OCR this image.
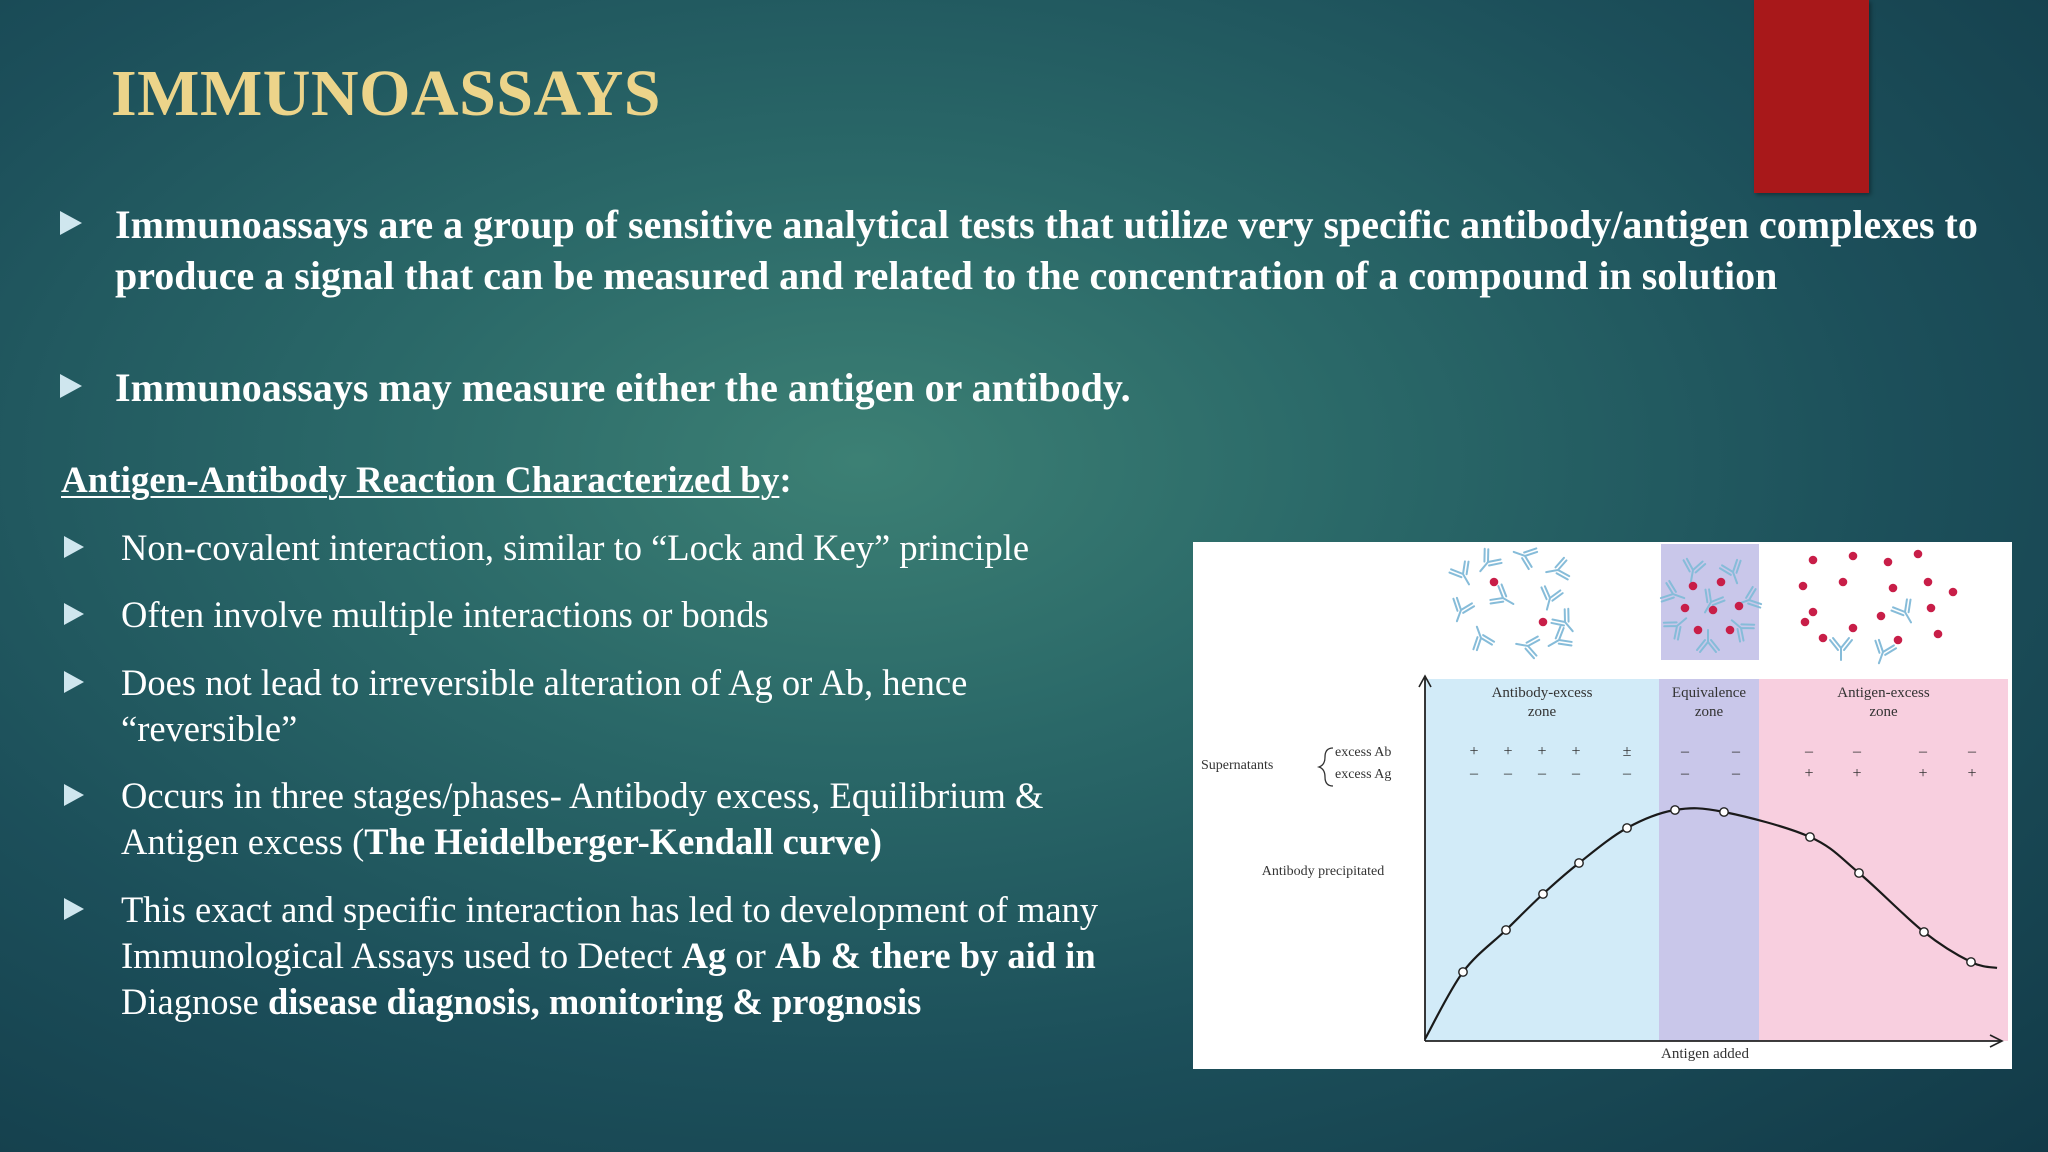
IMMUNOASSAYS
Immunoassays are a group of sensitive analytical tests that utilize very specific antibody/antigen complexes to produce a signal that can be measured and related to the concentration of a compound in solution
Immunoassays may measure either the antigen or antibody.
Antigen-Antibody Reaction Characterized by:
Non-covalent interaction, similar to “Lock and Key” principle
Often involve multiple interactions or bonds
Does not lead to irreversible alteration of Ag or Ab, hence “reversible”
Occurs in three stages/phases- Antibody excess, Equilibrium & Antigen excess (The Heidelberger-Kendall curve)
This exact and specific interaction has led to development of many Immunological Assays used to Detect Ag or Ab & there by aid in Diagnose disease diagnosis, monitoring & prognosis
Antibody-excess
zone
Equivalence
zone
Antigen-excess
zone
+ + + +	±
– – – –	–
–	–
–	–
–	–	–	–
+ +	+ +
Supernatants
excess Ab
excess Ag
Antibody precipitated
Antigen added
